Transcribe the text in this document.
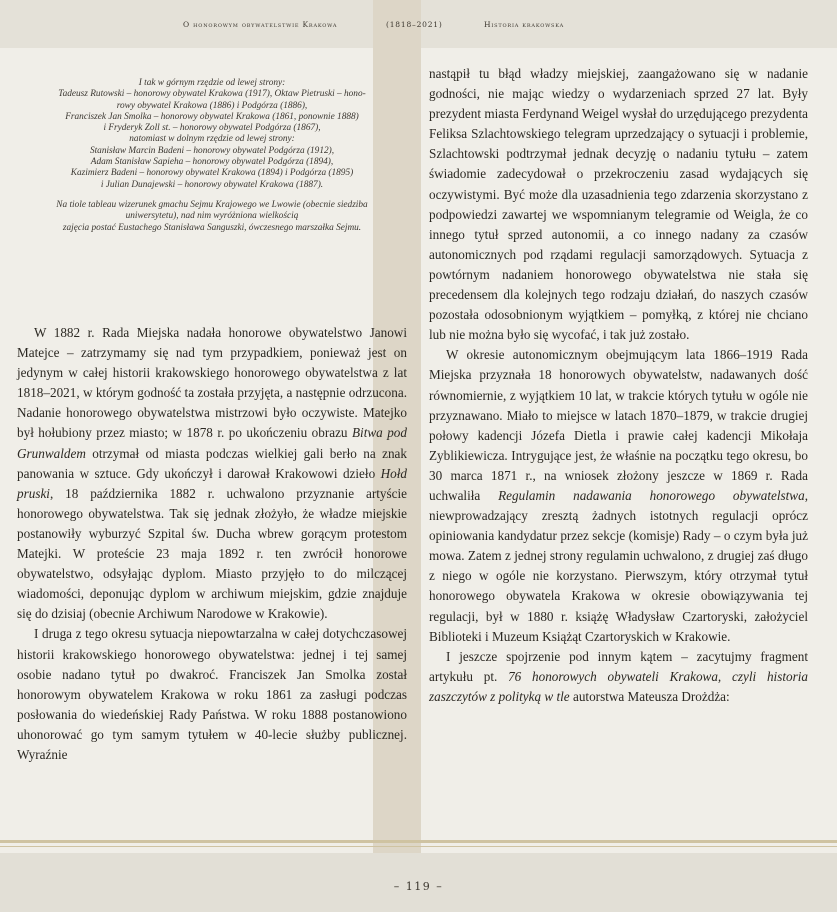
O honorowym obywatelstwie Krakowa	(1818–2021)	Historia krakowska

I tak w górnym rzędzie od lewej strony:

Tadeusz Rutowski – honorowy obywatel Krakowa (1917), Oktaw Pietruski – hono-

rowy obywatel Krakowa (1886) i Podgórza (1886),

Franciszek Jan Smolka – honorowy obywatel Krakowa (1861, ponownie 1888)

i Fryderyk Zoll st. – honorowy obywatel Podgórza (1867),

natomiast w dolnym rzędzie od lewej strony:

Stanisław Marcin Badeni – honorowy obywatel Podgórza (1912),

Adam Stanisław Sapieha – honorowy obywatel Podgórza (1894),

Kazimierz Badeni – honorowy obywatel Krakowa (1894) i Podgórza (1895)

i Julian Dunajewski – honorowy obywatel Krakowa (1887).

Na tiole tableau wizerunek gmachu Sejmu Krajowego we Lwowie (obecnie siedziba

uniwersytetu), nad nim wyróżniona wielkością

zajęcia postać Eustachego Stanisława Sanguszki, ówczesnego marszałka Sejmu.

W 1882 r. Rada Miejska nadała honorowe obywatelstwo Janowi Matejce – zatrzymamy się nad tym przypadkiem, ponieważ jest on jedynym w całej historii krakowskiego honorowego obywatelstwa z lat 1818–2021, w którym godność ta została przyjęta, a następnie odrzucona. Nadanie honorowego obywatelstwa mistrzowi było oczywiste. Matejko był hołubiony przez miasto; w 1878 r. po ukończeniu obrazu Bitwa pod Grunwaldem otrzymał od miasta podczas wielkiej gali berło na znak panowania w sztuce. Gdy ukończył i darował Krakowowi dzieło Hołd pruski, 18 października 1882 r. uchwalono przyznanie artyście honorowego obywatelstwa. Tak się jednak złożyło, że władze miejskie postanowiły wyburzyć Szpital św. Ducha wbrew gorącym protestom Matejki. W proteście 23 maja 1892 r. ten zwrócił honorowe obywatelstwo, odsyłając dyplom. Miasto przyjęło to do milczącej wiadomości, deponując dyplom w archiwum miejskim, gdzie znajduje się do dzisiaj (obecnie Archiwum Narodowe w Krakowie).

I druga z tego okresu sytuacja niepowtarzalna w całej dotychczasowej historii krakowskiego honorowego obywatelstwa: jednej i tej samej osobie nadano tytuł po dwakroć. Franciszek Jan Smolka został honorowym obywatelem Krakowa w roku 1861 za zasługi podczas posłowania do wiedeńskiej Rady Państwa. W roku 1888 postanowiono uhonorować go tym samym tytułem w 40-lecie służby publicznej. Wyraźnie

nastąpił tu błąd władzy miejskiej, zaangażowano się w nadanie godności, nie mając wiedzy o wydarzeniach sprzed 27 lat. Były prezydent miasta Ferdynand Weigel wysłał do urzędującego prezydenta Feliksa Szlachtowskiego telegram uprzedzający o sytuacji i problemie, Szlachtowski podtrzymał jednak decyzję o nadaniu tytułu – zatem świadomie zadecydował o przekroczeniu zasad wydających się oczywistymi. Być może dla uzasadnienia tego zdarzenia skorzystano z podpowiedzi zawartej we wspomnianym telegramie od Weigla, że co innego tytuł sprzed autonomii, a co innego nadany za czasów autonomicznych pod rządami regulacji samorządowych. Sytuacja z powtórnym nadaniem honorowego obywatelstwa nie stała się precedensem dla kolejnych tego rodzaju działań, do naszych czasów pozostała odosobnionym wyjątkiem – pomyłką, z której nie chciano lub nie można było się wycofać, i tak już zostało.

W okresie autonomicznym obejmującym lata 1866–1919 Rada Miejska przyznała 18 honorowych obywatelstw, nadawanych dość równomiernie, z wyjątkiem 10 lat, w trakcie których tytułu w ogóle nie przyznawano. Miało to miejsce w latach 1870–1879, w trakcie drugiej połowy kadencji Józefa Dietla i prawie całej kadencji Mikołaja Zyblikiewicza. Intrygujące jest, że właśnie na początku tego okresu, bo 30 marca 1871 r., na wniosek złożony jeszcze w 1869 r. Rada uchwaliła Regulamin nadawania honorowego obywatelstwa, niewprowadzający zresztą żadnych istotnych regulacji oprócz opiniowania kandydatur przez sekcje (komisje) Rady – o czym była już mowa. Zatem z jednej strony regulamin uchwalono, z drugiej zaś długo z niego w ogóle nie korzystano. Pierwszym, który otrzymał tytuł honorowego obywatela Krakowa w okresie obowiązywania tej regulacji, był w 1880 r. książę Władysław Czartoryski, założyciel Biblioteki i Muzeum Książąt Czartoryskich w Krakowie.

I jeszcze spojrzenie pod innym kątem – zacytujmy fragment artykułu pt. 76 honorowych obywateli Krakowa, czyli historia zaszczytów z polityką w tle autorstwa Mateusza Drożdża:

– 119 –
